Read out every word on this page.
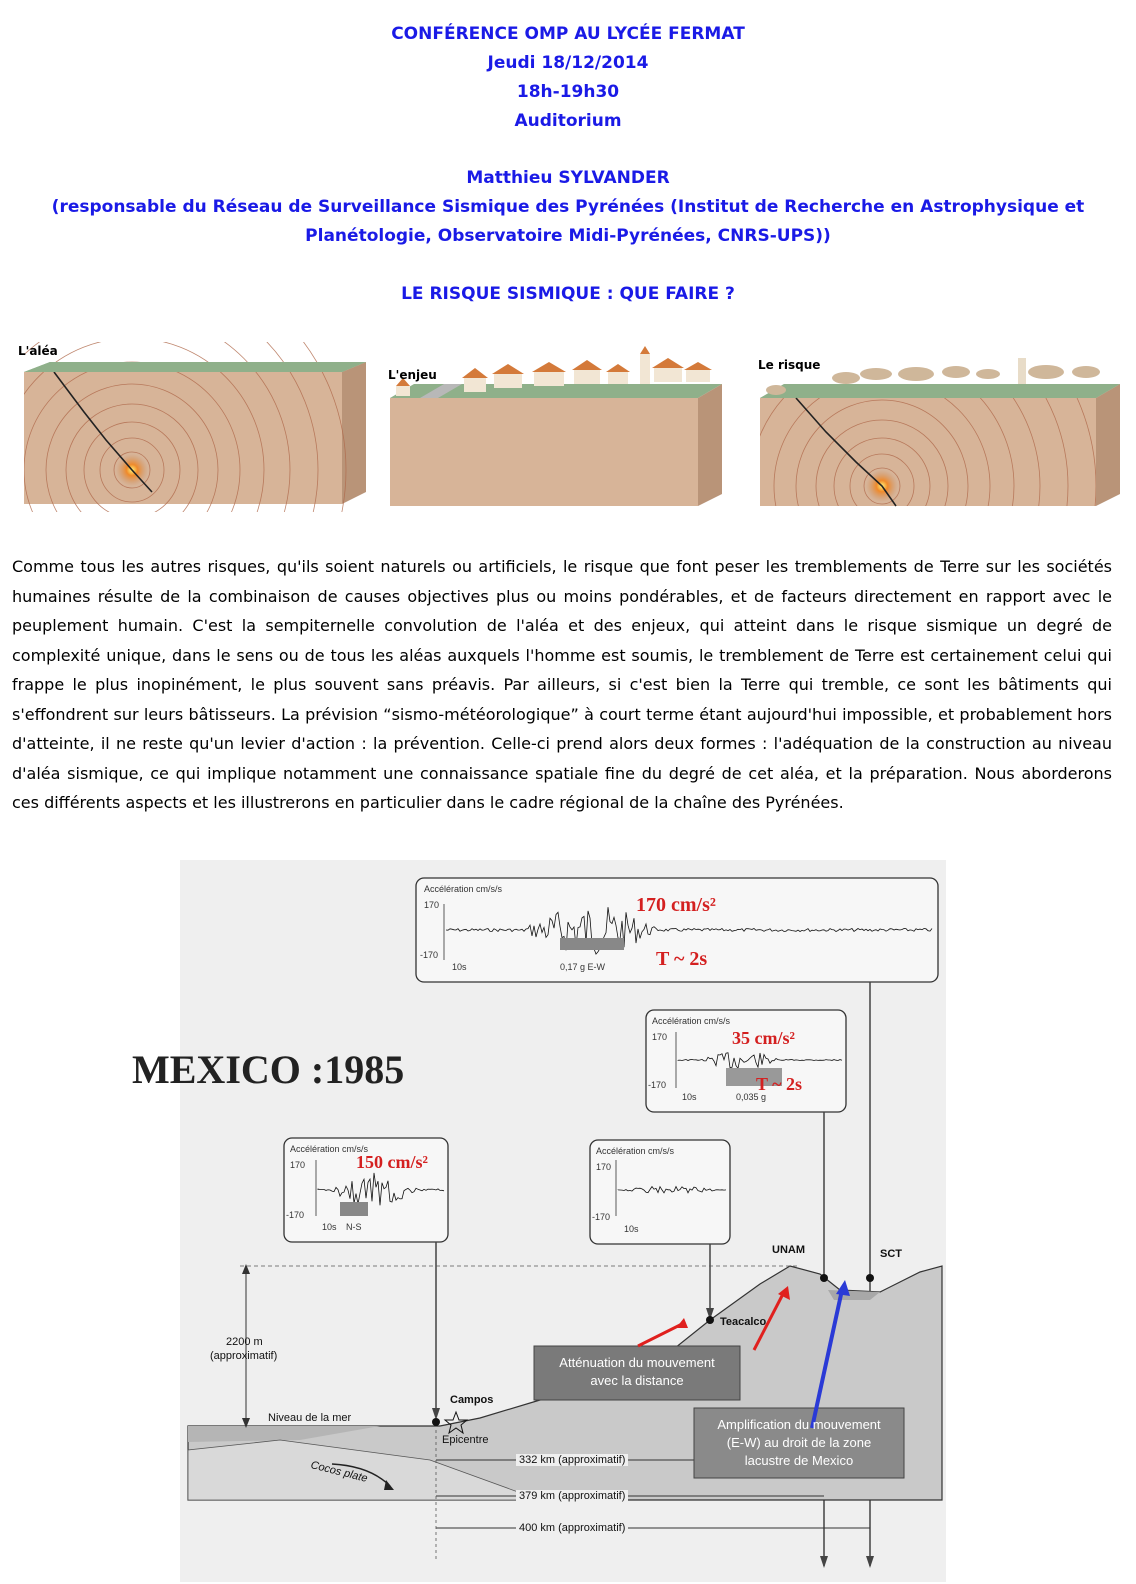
CONFÉRENCE OMP AU LYCÉE FERMAT
Jeudi 18/12/2014
18h-19h30
Auditorium
Matthieu SYLVANDER
(responsable du Réseau de Surveillance Sismique des Pyrénées (Institut de Recherche en Astrophysique et
Planétologie, Observatoire Midi-Pyrénées, CNRS-UPS))
LE RISQUE SISMIQUE : QUE FAIRE ?
L'aléa
L'enjeu
Le risque

Comme tous les autres risques, qu'ils soient naturels ou artificiels, le risque que font peser les tremblements de Terre sur les sociétés humaines résulte de la combinaison de causes objectives plus ou moins pondérables, et de facteurs directement en rapport avec le peuplement humain. C'est la sempiternelle convolution de l'aléa et des enjeux, qui atteint dans le risque sismique un degré de complexité unique, dans le sens ou de tous les aléas auxquels l'homme est soumis, le tremblement de Terre est certainement celui qui frappe le plus inopinément, le plus souvent sans préavis. Par ailleurs, si c'est bien la Terre qui tremble, ce sont les bâtiments qui s'effondrent sur leurs bâtisseurs. La prévision “sismo-météorologique” à court terme étant aujourd'hui impossible, et probablement hors d'atteinte, il ne reste qu'un levier d'action : la prévention. Celle-ci prend alors deux formes : l'adéquation de la construction au niveau d'aléa sismique, ce qui implique notamment une connaissance spatiale fine du degré de cet aléa, et la préparation. Nous aborderons ces différents aspects et les illustrerons en particulier dans le cadre régional de la chaîne des Pyrénées.

MEXICO :1985
Accélération cm/s/s
170
-170
10s	0,17 g E-W
170 cm/s²
T ~ 2s
Accélération cm/s/s
170
-170
10s	0,035 g
35 cm/s²
T ~ 2s
Accélération cm/s/s
170
-170
10s N-S
150 cm/s²
Accélération cm/s/s
170
-170
10s
UNAM	SCT
Teacalco
Campos
Epicentre
2200 m
(approximatif)
Niveau de la mer
Cocos plate	332 km (approximatif)
379 km (approximatif)
400 km (approximatif)
Atténuation du mouvement
avec la distance
Amplification du mouvement
(E-W) au droit de la zone
lacustre de Mexico
